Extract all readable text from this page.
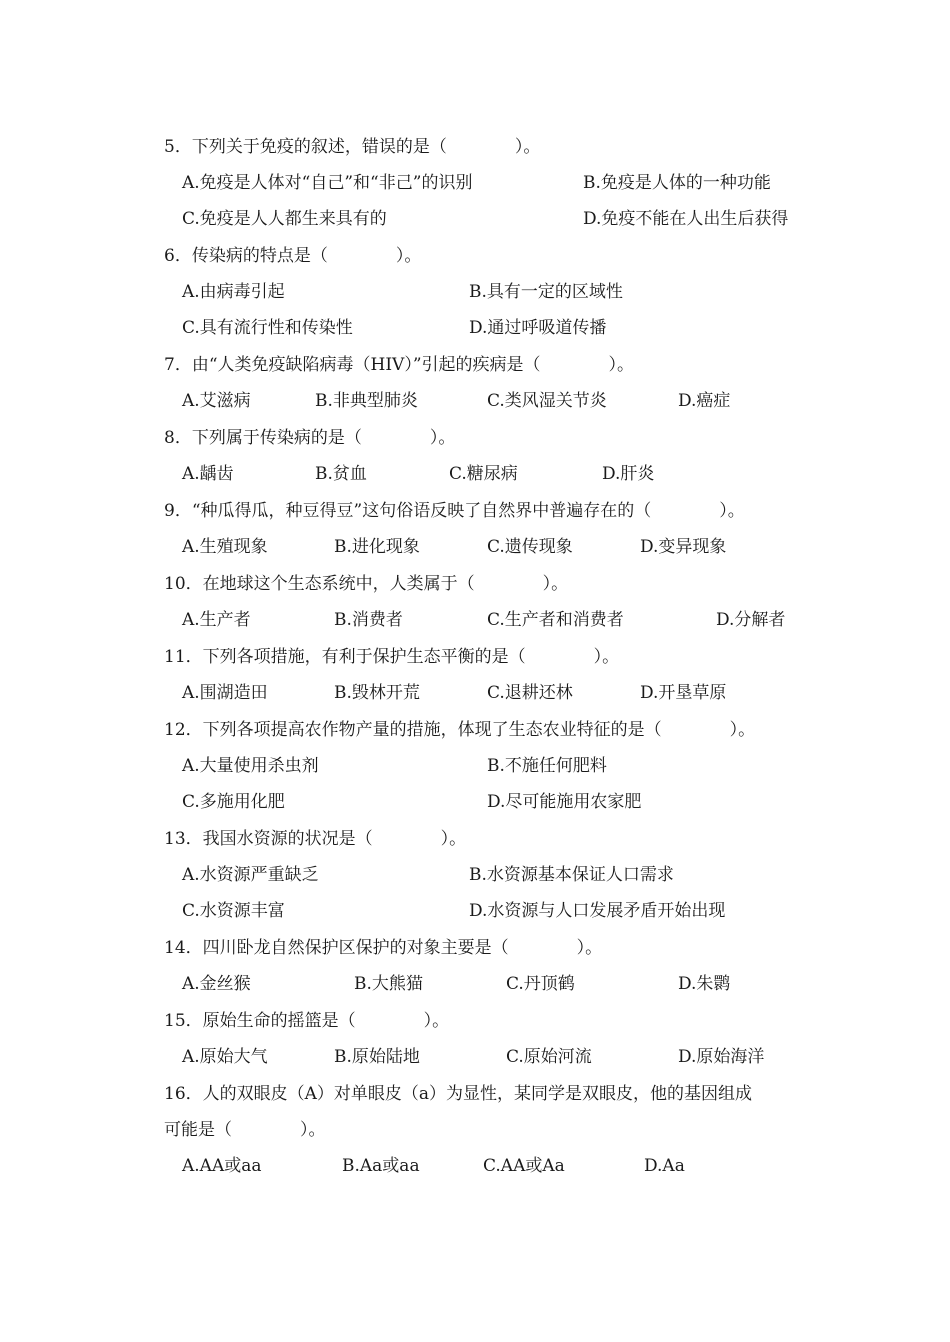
5．下列关于免疫的叙述，错误的是（　　　　）。
A.免疫是人体对“自己”和“非己”的识别	B.免疫是人体的一种功能
C.免疫是人人都生来具有的	D.免疫不能在人出生后获得
6．传染病的特点是（　　　　）。
A.由病毒引起	B.具有一定的区域性
C.具有流行性和传染性	D.通过呼吸道传播
7．由“人类免疫缺陷病毒（HIV）”引起的疾病是（　　　　）。
A.艾滋病	B.非典型肺炎	C.类风湿关节炎	D.癌症
8．下列属于传染病的是（　　　　）。
A.龋齿	B.贫血	C.糖尿病	D.肝炎
9．“种瓜得瓜，种豆得豆”这句俗语反映了自然界中普遍存在的（　　　　）。
A.生殖现象	B.进化现象	C.遗传现象	D.变异现象
10．在地球这个生态系统中，人类属于（　　　　）。
A.生产者	B.消费者	C.生产者和消费者	D.分解者
11．下列各项措施，有利于保护生态平衡的是（　　　　）。
A.围湖造田	B.毁林开荒	C.退耕还林	D.开垦草原
12．下列各项提高农作物产量的措施，体现了生态农业特征的是（　　　　）。
A.大量使用杀虫剂	B.不施任何肥料
C.多施用化肥	D.尽可能施用农家肥
13．我国水资源的状况是（　　　　）。
A.水资源严重缺乏	B.水资源基本保证人口需求
C.水资源丰富	D.水资源与人口发展矛盾开始出现
14．四川卧龙自然保护区保护的对象主要是（　　　　）。
A.金丝猴	B.大熊猫	C.丹顶鹤	D.朱鹮
15．原始生命的摇篮是（　　　　）。
A.原始大气	B.原始陆地	C.原始河流	D.原始海洋
16．人的双眼皮（A）对单眼皮（a）为显性，某同学是双眼皮，他的基因组成
可能是（　　　　）。
A.AA或aa	B.Aa或aa	C.AA或Aa	D.Aa
